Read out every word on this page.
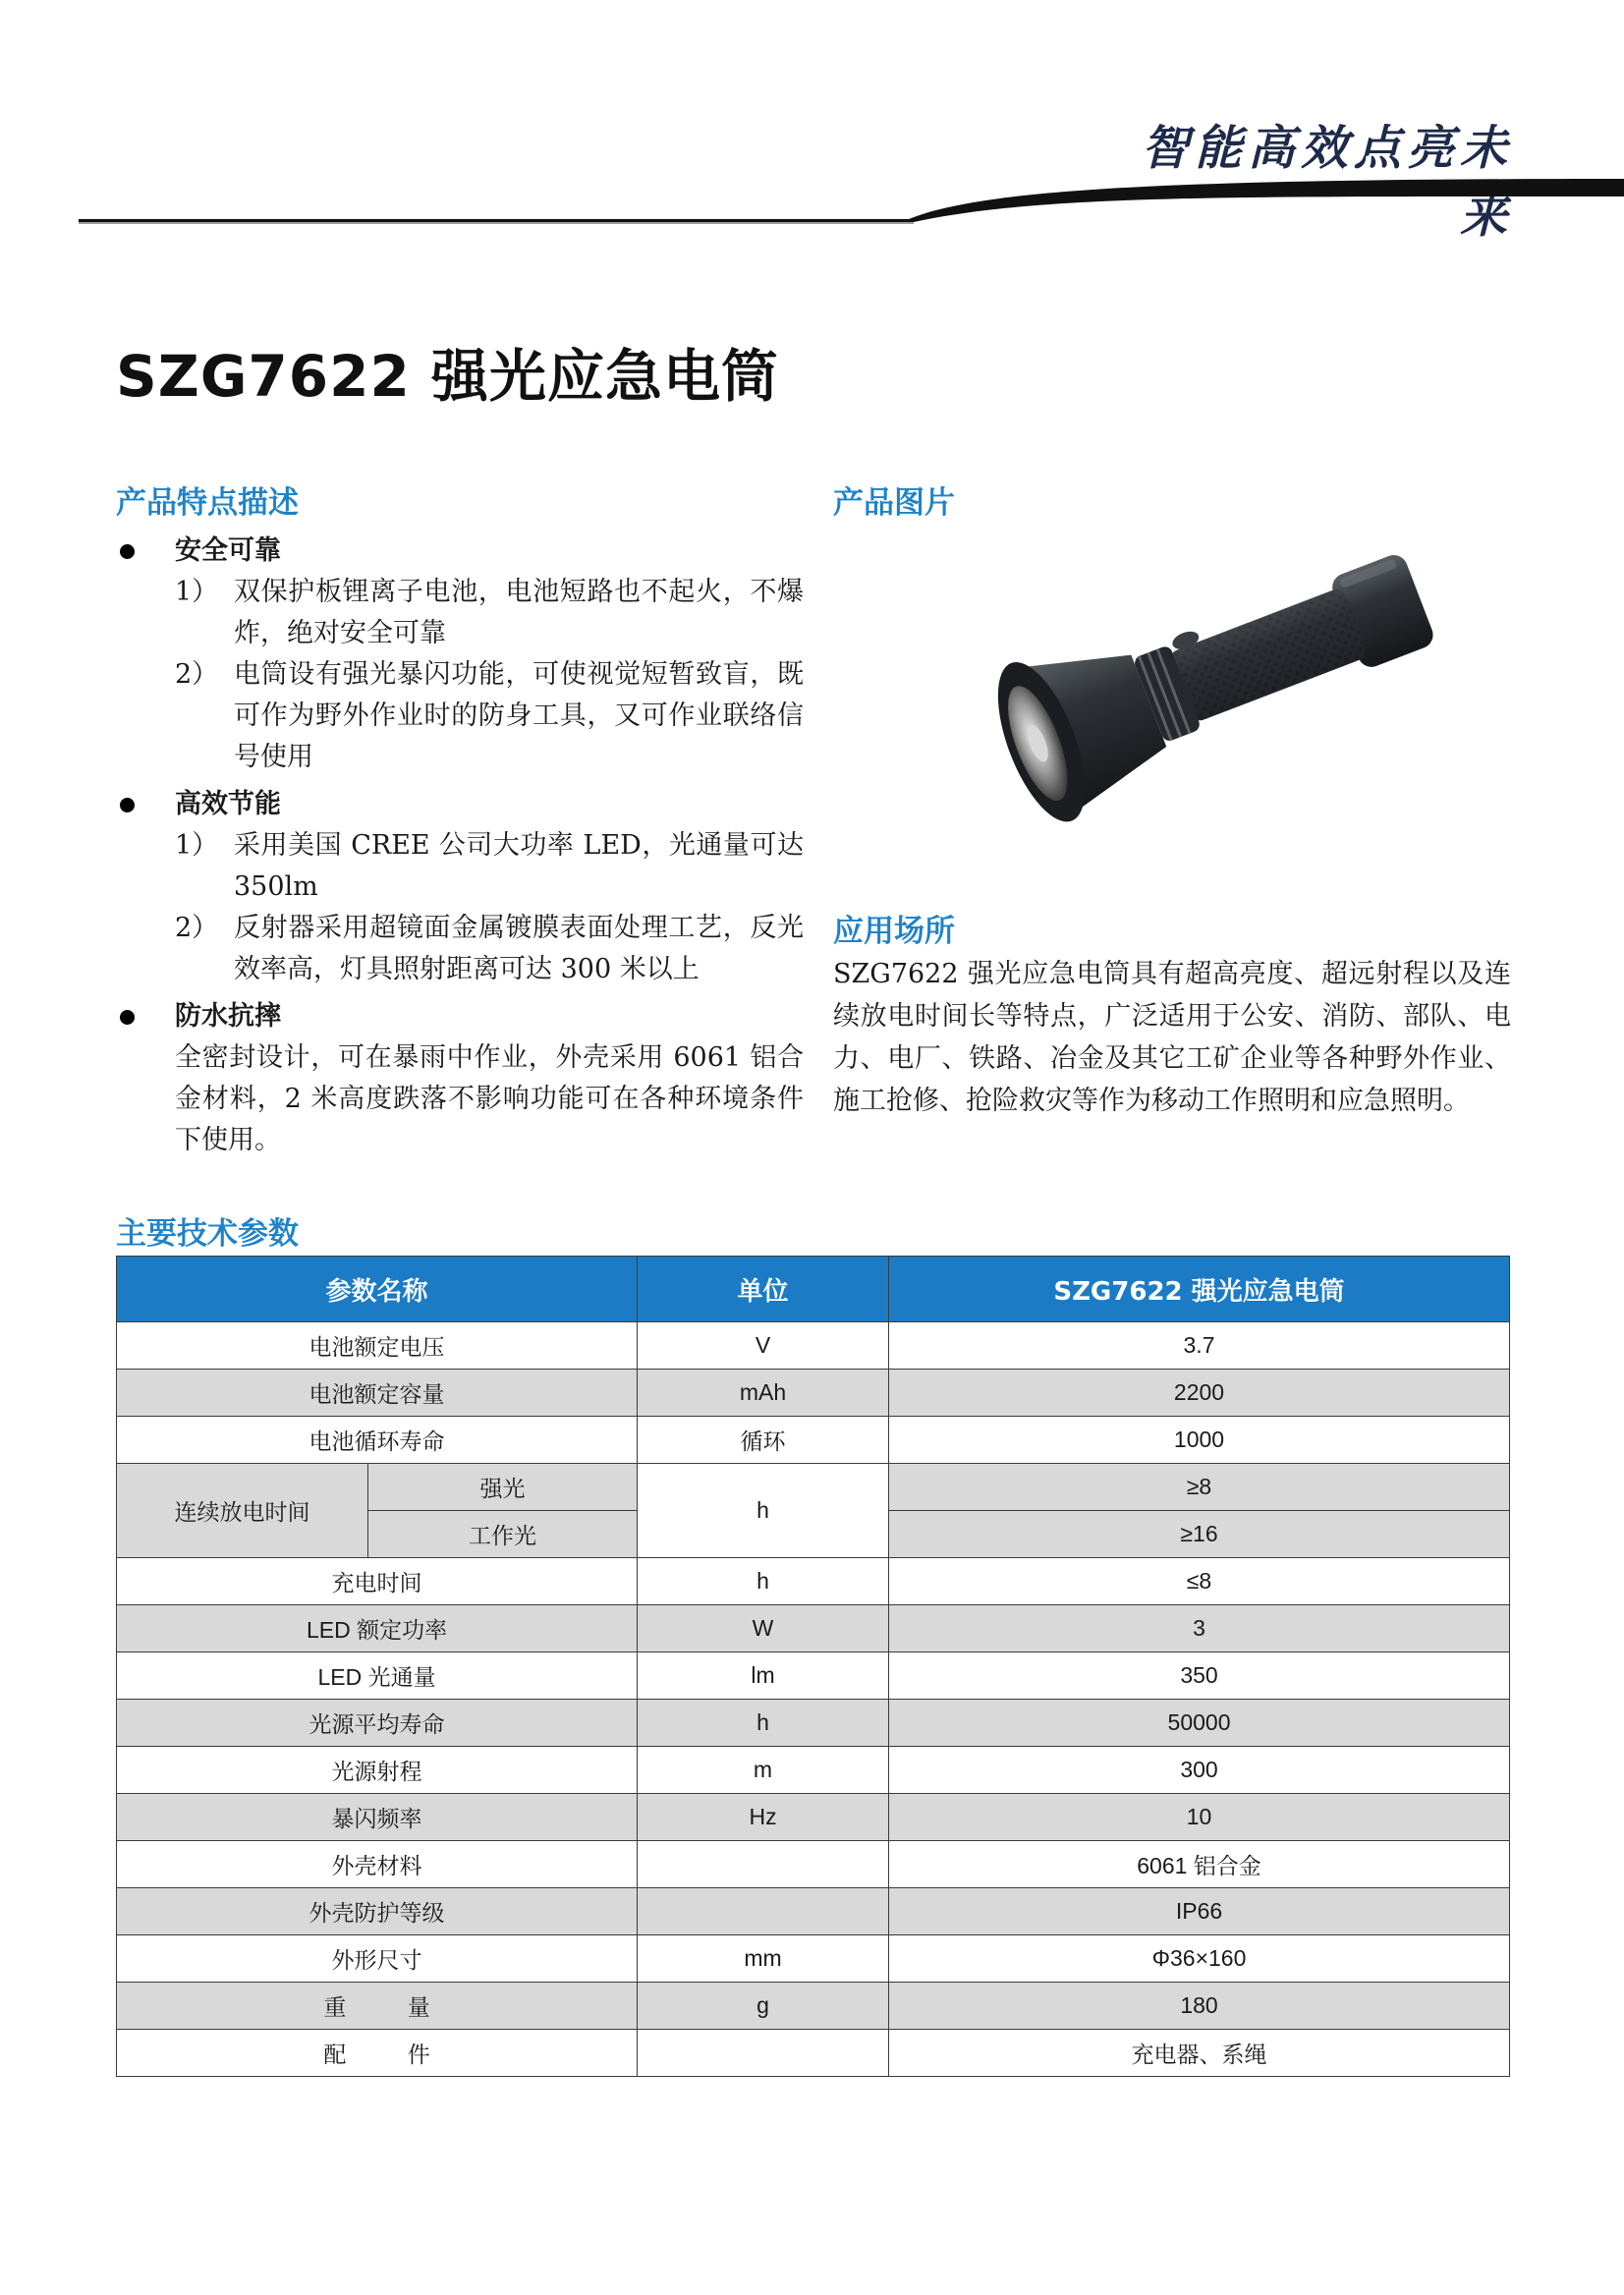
智能高效点亮未来
SZG7622 强光应急电筒
产品特点描述	产品图片
应用场所
主要技术参数
安全可靠
1） 双保护板锂离子电池，电池短路也不起火，不爆炸，绝对安全可靠
2） 电筒设有强光暴闪功能，可使视觉短暂致盲，既可作为野外作业时的防身工具，又可作业联络信号使用
高效节能
1） 采用美国 CREE 公司大功率 LED，光通量可达 350lm
2） 反射器采用超镜面金属镀膜表面处理工艺，反光效率高，灯具照射距离可达 300 米以上
防水抗摔
全密封设计，可在暴雨中作业，外壳采用 6061 铝合金材料，2 米高度跌落不影响功能可在各种环境条件下使用。
SZG7622 强光应急电筒具有超高亮度、超远射程以及连续放电时间长等特点，广泛适用于公安、消防、部队、电力、电厂、铁路、冶金及其它工矿企业等各种野外作业、施工抢修、抢险救灾等作为移动工作照明和应急照明。
参数名称		单位	SZG7622 强光应急电筒
电池额定电压		V	3.7
电池额定容量		mAh	2200
电池循环寿命		循环	1000
连续放电时间	强光	h	≥8
	工作光		≥16
充电时间		h	≤8
LED 额定功率		W	3
LED 光通量		lm	350
光源平均寿命		h	50000
光源射程		m	300
暴闪频率		Hz	10
外壳材料			6061 铝合金
外壳防护等级			IP66
外形尺寸		mm	Φ36×160
重 量		g	180
配 件			充电器、系绳
